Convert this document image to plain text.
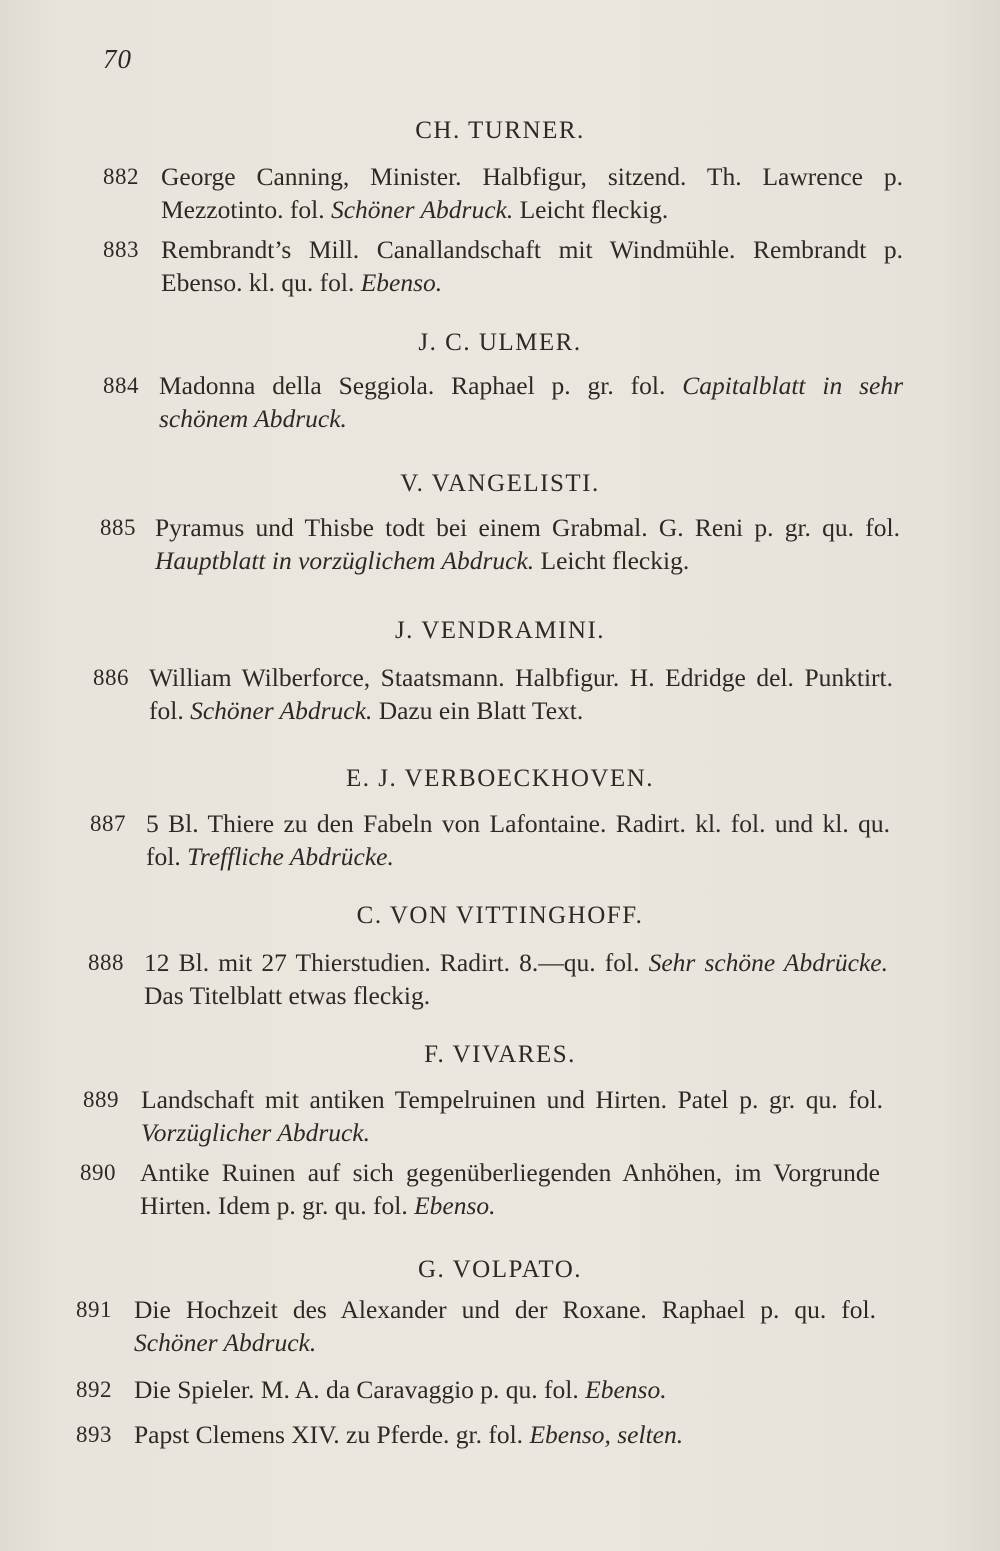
70
CH. TURNER.
882 George Canning, Minister. Halbfigur, sitzend. Th. Lawrence p. Mezzotinto. fol. Schöner Abdruck. Leicht fleckig.
883 Rembrandt’s Mill. Canallandschaft mit Windmühle. Rembrandt p. Ebenso. kl. qu. fol. Ebenso.
J. C. ULMER.
884 Madonna della Seggiola. Raphael p. gr. fol. Capitalblatt in sehr schönem Abdruck.
V. VANGELISTI.
885 Pyramus und Thisbe todt bei einem Grabmal. G. Reni p. gr. qu. fol. Hauptblatt in vorzüglichem Abdruck. Leicht fleckig.
J. VENDRAMINI.
886 William Wilberforce, Staatsmann. Halbfigur. H. Edridge del. Punktirt. fol. Schöner Abdruck. Dazu ein Blatt Text.
E. J. VERBOECKHOVEN.
887 5 Bl. Thiere zu den Fabeln von Lafontaine. Radirt. kl. fol. und kl. qu. fol. Treffliche Abdrücke.
C. VON VITTINGHOFF.
888 12 Bl. mit 27 Thierstudien. Radirt. 8.—qu. fol. Sehr schöne Abdrücke. Das Titelblatt etwas fleckig.
F. VIVARES.
889 Landschaft mit antiken Tempelruinen und Hirten. Patel p. gr. qu. fol. Vorzüglicher Abdruck.
890 Antike Ruinen auf sich gegenüberliegenden Anhöhen, im Vorgrunde Hirten. Idem p. gr. qu. fol. Ebenso.
G. VOLPATO.
891 Die Hochzeit des Alexander und der Roxane. Raphael p. qu. fol. Schöner Abdruck.
892 Die Spieler. M. A. da Caravaggio p. qu. fol. Ebenso.
893 Papst Clemens XIV. zu Pferde. gr. fol. Ebenso, selten.
